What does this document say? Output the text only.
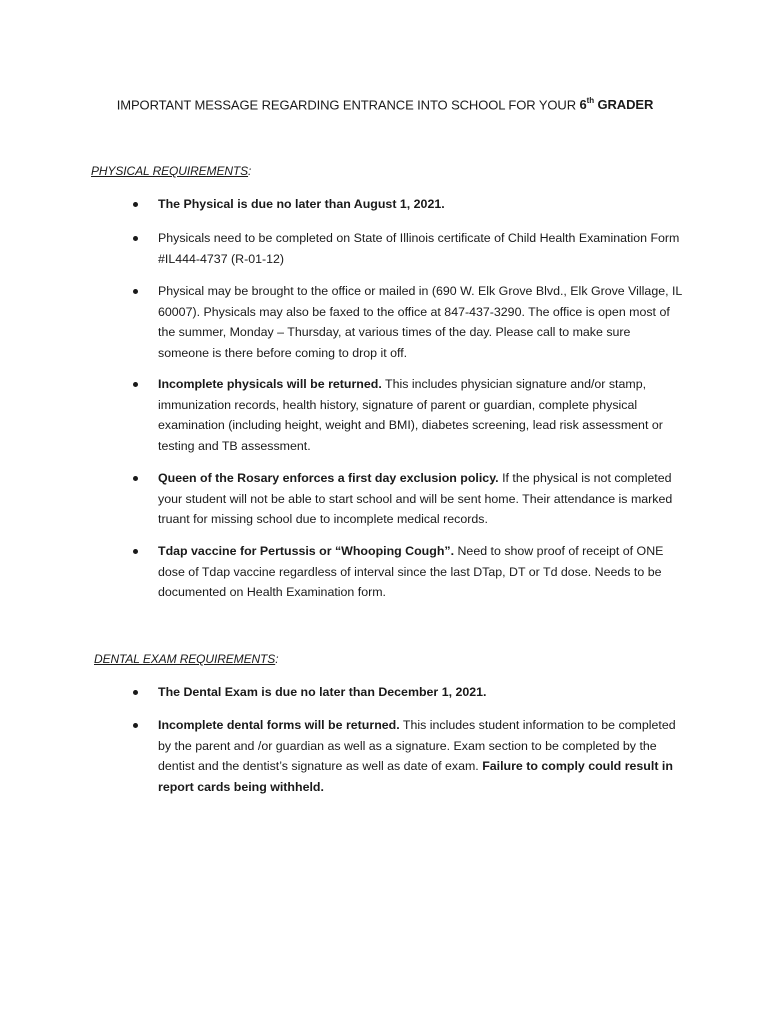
IMPORTANT MESSAGE REGARDING ENTRANCE INTO SCHOOL FOR YOUR 6th GRADER
PHYSICAL REQUIREMENTS:
The Physical is due no later than August 1, 2021.
Physicals need to be completed on State of Illinois certificate of Child Health Examination Form #IL444-4737 (R-01-12)
Physical may be brought to the office or mailed in (690 W. Elk Grove Blvd., Elk Grove Village, IL 60007). Physicals may also be faxed to the office at 847-437-3290. The office is open most of the summer, Monday – Thursday, at various times of the day. Please call to make sure someone is there before coming to drop it off.
Incomplete physicals will be returned. This includes physician signature and/or stamp, immunization records, health history, signature of parent or guardian, complete physical examination (including height, weight and BMI), diabetes screening, lead risk assessment or testing and TB assessment.
Queen of the Rosary enforces a first day exclusion policy. If the physical is not completed your student will not be able to start school and will be sent home. Their attendance is marked truant for missing school due to incomplete medical records.
Tdap vaccine for Pertussis or “Whooping Cough”. Need to show proof of receipt of ONE dose of Tdap vaccine regardless of interval since the last DTap, DT or Td dose. Needs to be documented on Health Examination form.
DENTAL EXAM REQUIREMENTS:
The Dental Exam is due no later than December 1, 2021.
Incomplete dental forms will be returned. This includes student information to be completed by the parent and /or guardian as well as a signature. Exam section to be completed by the dentist and the dentist’s signature as well as date of exam. Failure to comply could result in report cards being withheld.
